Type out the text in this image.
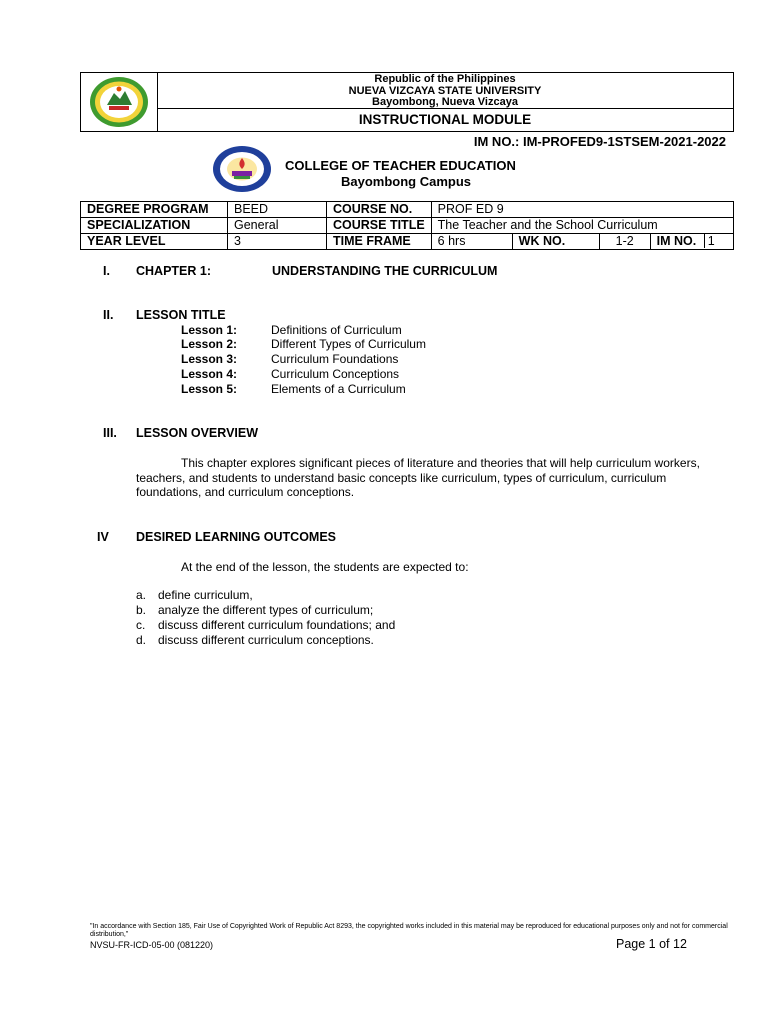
Republic of the Philippines
NUEVA VIZCAYA STATE UNIVERSITY
Bayombong, Nueva Vizcaya
INSTRUCTIONAL MODULE
IM NO.: IM-PROFED9-1STSEM-2021-2022
COLLEGE OF TEACHER EDUCATION
Bayombong Campus
DEGREE PROGRAM	BEED	COURSE NO.	PROF ED 9			
SPECIALIZATION	General	COURSE TITLE	The Teacher and the School Curriculum			
YEAR LEVEL	3	TIME FRAME	6 hrs	WK NO.	1-2	IM NO. 1
I. CHAPTER 1:	UNDERSTANDING THE CURRICULUM
II. LESSON TITLE
Lesson 1:	Definitions of Curriculum
Lesson 2:	Different Types of Curriculum
Lesson 3:	Curriculum Foundations
Lesson 4:	Curriculum Conceptions
Lesson 5:	Elements of a Curriculum
III. LESSON OVERVIEW
This chapter explores significant pieces of literature and theories that will help curriculum workers, teachers, and students to understand basic concepts like curriculum, types of curriculum, curriculum foundations, and curriculum conceptions.
IV DESIRED LEARNING OUTCOMES
At the end of the lesson, the students are expected to:
a. define curriculum,
b. analyze the different types of curriculum;
c. discuss different curriculum foundations; and
d. discuss different curriculum conceptions.
"In accordance with Section 185, Fair Use of Copyrighted Work of Republic Act 8293, the copyrighted works included in this material may be reproduced for educational purposes only and not for commercial distribution,"
NVSU-FR-ICD-05-00 (081220)	Page 1 of 12
